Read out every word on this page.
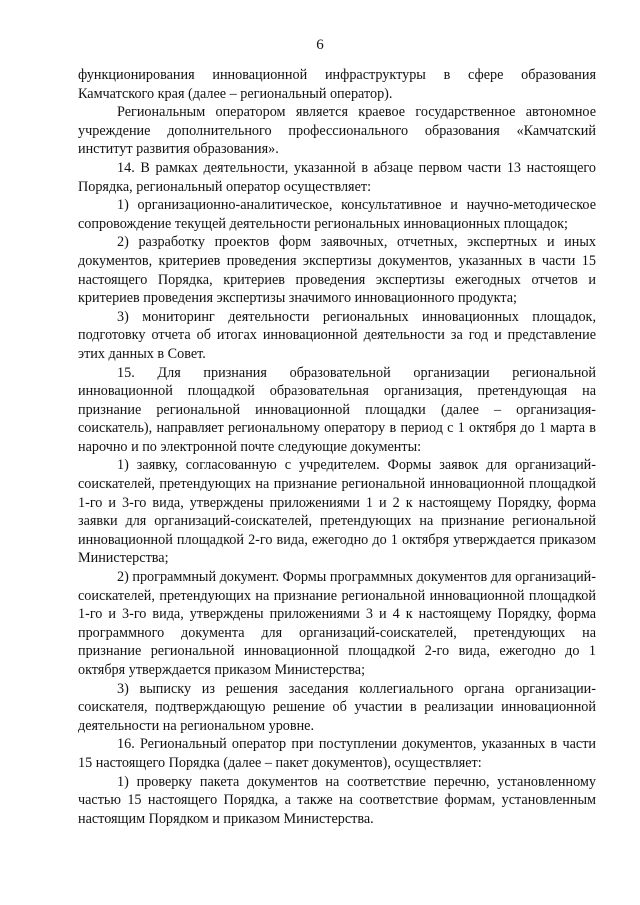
6

функционирования инновационной инфраструктуры в сфере образования Камчатского края (далее – региональный оператор).

Региональным оператором является краевое государственное автономное учреждение дополнительного профессионального образования «Камчатский институт развития образования».

14. В рамках деятельности, указанной в абзаце первом части 13 настоящего Порядка, региональный оператор осуществляет:

1) организационно-аналитическое, консультативное и научно-методическое сопровождение текущей деятельности региональных инновационных площадок;

2) разработку проектов форм заявочных, отчетных, экспертных и иных документов, критериев проведения экспертизы документов, указанных в части 15 настоящего Порядка, критериев проведения экспертизы ежегодных отчетов и критериев проведения экспертизы значимого инновационного продукта;

3) мониторинг деятельности региональных инновационных площадок, подготовку отчета об итогах инновационной деятельности за год и представление этих данных в Совет.

15. Для признания образовательной организации региональной инновационной площадкой образовательная организация, претендующая на признание региональной инновационной площадки (далее – организация-соискатель), направляет региональному оператору в период с 1 октября до 1 марта в нарочно и по электронной почте следующие документы:

1) заявку, согласованную с учредителем. Формы заявок для организаций-соискателей, претендующих на признание региональной инновационной площадкой 1-го и 3-го вида, утверждены приложениями 1 и 2 к настоящему Порядку, форма заявки для организаций-соискателей, претендующих на признание региональной инновационной площадкой 2-го вида, ежегодно до 1 октября утверждается приказом Министерства;

2) программный документ. Формы программных документов для организаций-соискателей, претендующих на признание региональной инновационной площадкой 1-го и 3-го вида, утверждены приложениями 3 и 4 к настоящему Порядку, форма программного документа для организаций-соискателей, претендующих на признание региональной инновационной площадкой 2-го вида, ежегодно до 1 октября утверждается приказом Министерства;

3) выписку из решения заседания коллегиального органа организации-соискателя, подтверждающую решение об участии в реализации инновационной деятельности на региональном уровне.

16. Региональный оператор при поступлении документов, указанных в части 15 настоящего Порядка (далее – пакет документов), осуществляет:

1) проверку пакета документов на соответствие перечню, установленному частью 15 настоящего Порядка, а также на соответствие формам, установленным настоящим Порядком и приказом Министерства.
